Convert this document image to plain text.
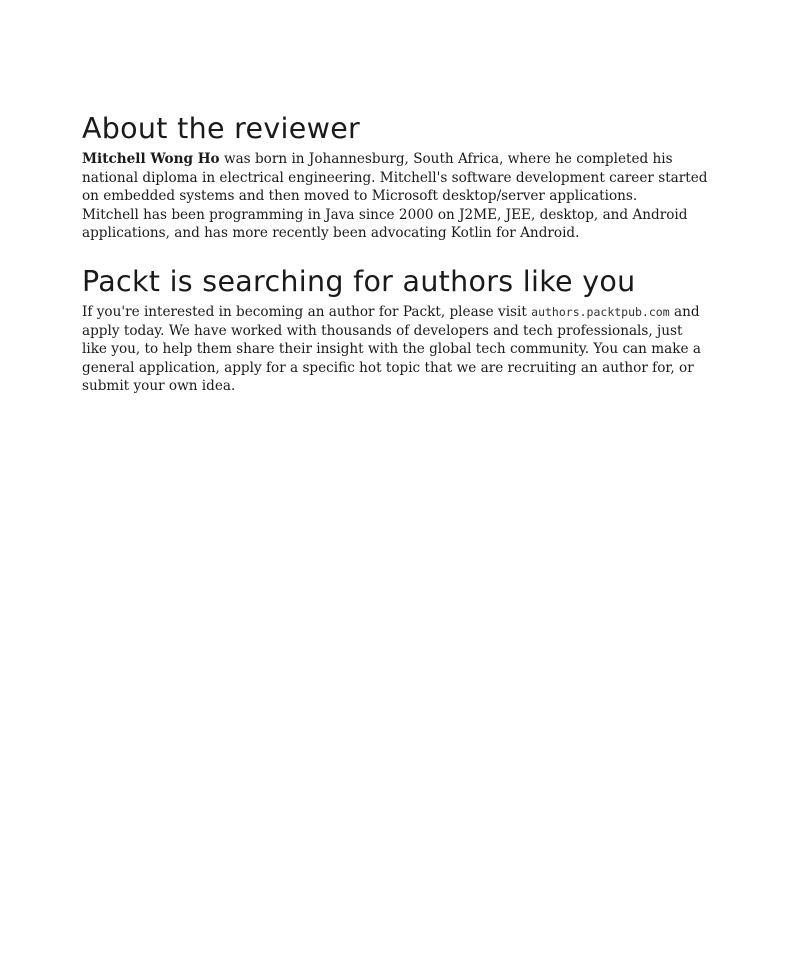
About the reviewer

Mitchell Wong Ho was born in Johannesburg, South Africa, where he completed his
national diploma in electrical engineering. Mitchell's software development career started
on embedded systems and then moved to Microsoft desktop/server applications.
Mitchell has been programming in Java since 2000 on J2ME, JEE, desktop, and Android
applications, and has more recently been advocating Kotlin for Android.

Packt is searching for authors like you

If you're interested in becoming an author for Packt, please visit authors.packtpub.com and
apply today. We have worked with thousands of developers and tech professionals, just
like you, to help them share their insight with the global tech community. You can make a
general application, apply for a specific hot topic that we are recruiting an author for, or
submit your own idea.
